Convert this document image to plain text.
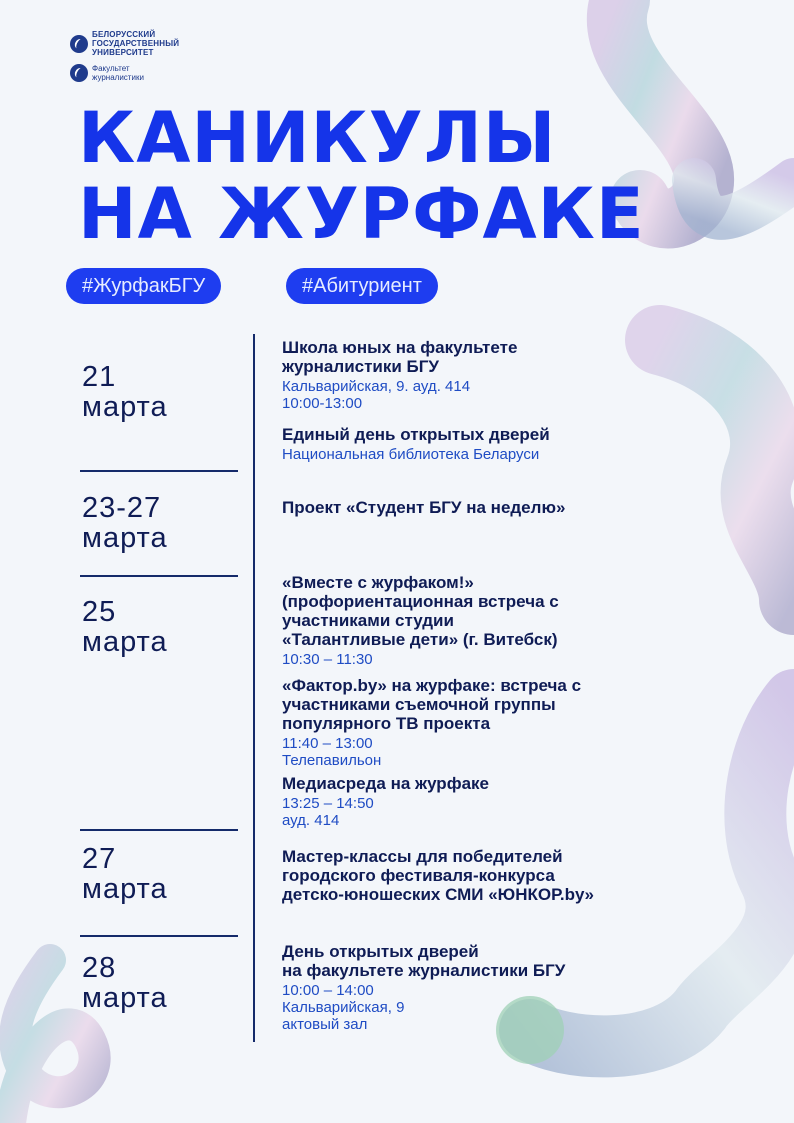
БЕЛОРУССКИЙ
ГОСУДАРСТВЕННЫЙ
УНИВЕРСИТЕТ
Факультет
журналистики
КАНИКУЛЫ
НА ЖУРФАКЕ
#ЖурфакБГУ	#Абитуриент
21
марта
23-27
марта
25
марта
27
марта
28
марта
Школа юных на факультете
журналистики БГУ
Кальварийская, 9. ауд. 414
10:00-13:00
Единый день открытых дверей
Национальная библиотека Беларуси
Проект «Студент БГУ на неделю»
«Вместе с журфаком!»
(профориентационная встреча с
участниками студии
«Талантливые дети» (г. Витебск)
10:30 – 11:30
«Фактор.by» на журфаке: встреча с
участниками съемочной группы
популярного ТВ проекта
11:40 – 13:00
Телепавильон
Медиасреда на журфаке
13:25 – 14:50
ауд. 414
Мастер-классы для победителей
городского фестиваля-конкурса
детско-юношеских СМИ «ЮНКОР.by»
День открытых дверей
на факультете журналистики БГУ
10:00 – 14:00
Кальварийская, 9
актовый зал
